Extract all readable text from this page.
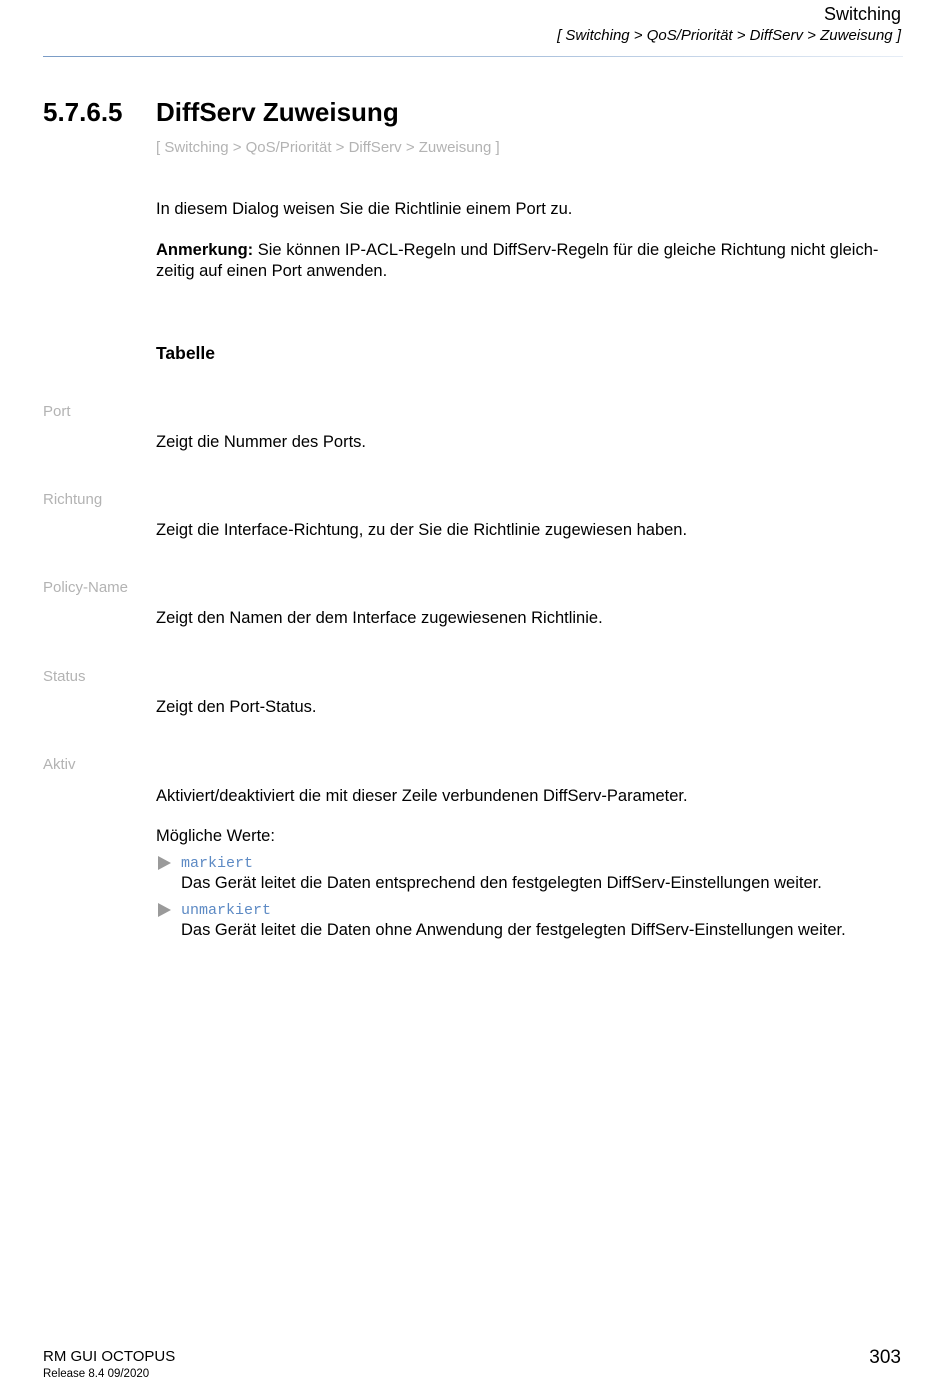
Switching
[ Switching > QoS/Priorität > DiffServ > Zuweisung ]
5.7.6.5 DiffServ Zuweisung
[ Switching > QoS/Priorität > DiffServ > Zuweisung ]
In diesem Dialog weisen Sie die Richtlinie einem Port zu.
Anmerkung: Sie können IP-ACL-Regeln und DiffServ-Regeln für die gleiche Richtung nicht gleich-zeitig auf einen Port anwenden.
Tabelle
Port
Zeigt die Nummer des Ports.
Richtung
Zeigt die Interface-Richtung, zu der Sie die Richtlinie zugewiesen haben.
Policy-Name
Zeigt den Namen der dem Interface zugewiesenen Richtlinie.
Status
Zeigt den Port-Status.
Aktiv
Aktiviert/deaktiviert die mit dieser Zeile verbundenen DiffServ-Parameter.
Mögliche Werte:
markiert
Das Gerät leitet die Daten entsprechend den festgelegten DiffServ-Einstellungen weiter.
unmarkiert
Das Gerät leitet die Daten ohne Anwendung der festgelegten DiffServ-Einstellungen weiter.
RM GUI OCTOPUS
Release 8.4 09/2020
303
